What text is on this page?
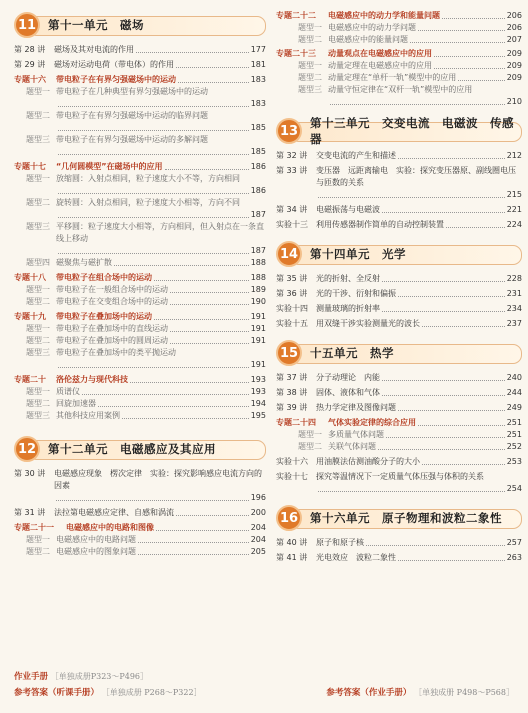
11	第十一单元　磁场
第 28 讲	磁场及其对电流的作用	177
第 29 讲	磁场对运动电荷（带电体）的作用	181
专题十六	带电粒子在有界匀强磁场中的运动	183
题型一 带电粒子在几种典型有界匀强磁场中的运动
183
题型二 带电粒子在有界匀强磁场中运动的临界问题
185
题型三 带电粒子在有界匀强磁场中运动的多解问题
185
专题十七	“几何圆模型”在磁场中的应用	186
题型一 放缩圆：入射点相同，粒子速度大小不等，方向相同
186
题型二 旋转圆：入射点相同，粒子速度大小相等，方向不同
187
题型三 平移圆：粒子速度大小相等，方向相同，但入射点在一条直线上移动
187
题型四 磁聚焦与磁扩散	188
专题十八	带电粒子在组合场中的运动	188
题型一 带电粒子在一般组合场中的运动	189
题型二 带电粒子在交变组合场中的运动	190
专题十九	带电粒子在叠加场中的运动	191
题型一 带电粒子在叠加场中的直线运动	191
题型二 带电粒子在叠加场中的圆周运动	191
题型三 带电粒子在叠加场中的类平抛运动
191
专题二十	洛伦兹力与现代科技	193
题型一 质谱仪	193
题型二 回旋加速器	194
题型三 其他科技应用案例	195
12	第十二单元　电磁感应及其应用
第 30 讲	电磁感应现象　楞次定律　实验：探究影响感应电流方向的因素
196
第 31 讲	法拉第电磁感应定律、自感和涡流	200
专题二十一	电磁感应中的电路和图像	204
题型一 电磁感应中的电路问题	204
题型二 电磁感应中的图象问题	205
专题二十二	电磁感应中的动力学和能量问题	206
题型一 电磁感应中的动力学问题	206
题型二 电磁感应中的能量问题	207
专题二十三	动量观点在电磁感应中的应用	209
题型一 动量定理在电磁感应中的应用	209
题型二 动量定理在“单杆一轨”模型中的应用	209
题型三 动量守恒定律在“双杆一轨”模型中的应用
210
13
第十三单元　交变电流　电磁波　传感器
第 32 讲	交变电流的产生和描述	212
第 33 讲	变压器　远距离输电　实验：探究变压器原、副线圈电压与匝数的关系
215
第 34 讲	电磁振荡与电磁波	221
实验十三	利用传感器制作简单的自动控制装置	224
14	第十四单元　光学
第 35 讲	光的折射、全反射	228
第 36 讲	光的干涉、衍射和偏振	231
实验十四	测量玻璃的折射率	234
实验十五	用双缝干涉实验测量光的波长	237
15	十五单元　热学
第 37 讲	分子动理论　内能	240
第 38 讲	固体、液体和气体	244
第 39 讲	热力学定律及图像问题	249
专题二十四	气体实验定律的综合应用	251
题型一 多质量气体问题	251
题型二 关联气体问题	252
实验十六	用油膜法估测油酸分子的大小	253
实验十七	探究等温情况下一定质量气体压强与体积的关系
254
16	第十六单元　原子物理和波粒二象性
第 40 讲	原子和原子核	257
第 41 讲	光电效应　波粒二象性	263
作业手册 ［单独成册P323～P496］
参考答案（听课手册） ［单独成册 P268～P322］	参考答案（作业手册） ［单独成册 P498～P568］
